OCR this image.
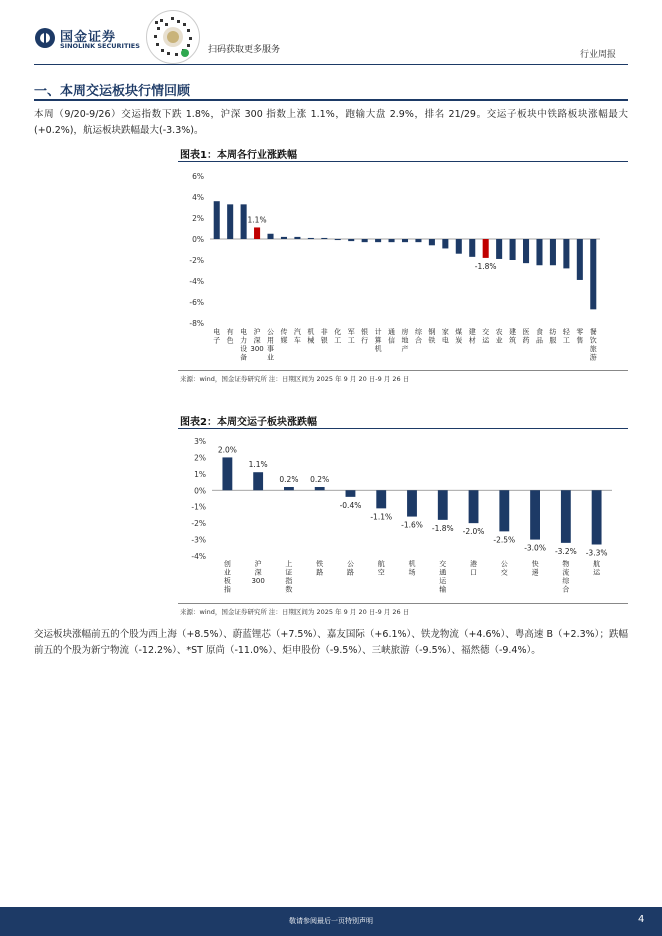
国金证券
SINOLINK SECURITIES	扫码获取更多服务	行业周报
一、本周交运板块行情回顾
本周（9/20-9/26）交运指数下跌 1.8%，沪深 300 指数上涨 1.1%，跑输大盘 2.9%，排名 21/29。交运子板块中铁路板块涨幅最大(+0.2%)，航运板块跌幅最大(-3.3%)。
图表1：本周各行业涨跌幅
6%
4%
2%
0%
-2%
-4%
-6%
-8%
电
子
有
色
电
力
设
备
1.1%
沪
深
300
公
用
事
业
传
媒
汽
车
机
械
非
银
化
工
军
工
银
行
计
算
机
通
信
房
地
产
综
合
钢
铁
家
电
煤
炭
建
材
-1.8%
交
运
农
业
建
筑
医
药
食
品
纺
服
轻
工
零
售
餐
饮
旅
游
来源：wind，国金证券研究所 注：日期区间为 2025 年 9 月 20 日-9 月 26 日
图表2：本周交运子板块涨跌幅
3%
2%
1%
0%
-1%
-2%
-3%
-4%
2.0%
创
业
板
指
1.1%
沪
深
300
0.2%
上
证
指
数
0.2%
铁
路
-0.4%
公
路
-1.1%
航
空
-1.6%
机
场
-1.8%
交
通
运
输
-2.0%
港
口
-2.5%
公
交
-3.0%
快
递
-3.2%
物
流
综
合
-3.3%
航
运
来源：wind，国金证券研究所 注：日期区间为 2025 年 9 月 20 日-9 月 26 日
交运板块涨幅前五的个股为西上海（+8.5%）、蔚蓝锂芯（+7.5%）、嘉友国际（+6.1%）、铁龙物流（+4.6%）、粤高速 B（+2.3%）；跌幅前五的个股为新宁物流（-12.2%）、*ST 原尚（-11.0%）、炬申股份（-9.5%）、三峡旅游（-9.5%）、福然德（-9.4%）。
敬请参阅最后一页特别声明	4
